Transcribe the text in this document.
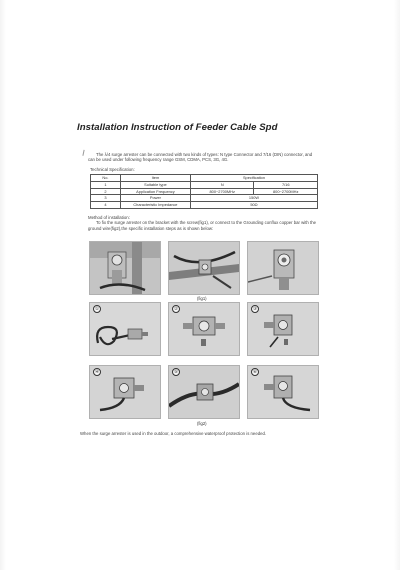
Installation Instruction of Feeder Cable Spd
The λ/4 surge arrester can be connected with two kinds of types: N type Connector and 7/16 (DIN) connector, and
can be used under following frequency range GSM, CDMA, PCS, 3G, 4G.
Technical Specification:
No.	Item	Specification	
1	Suitable type	N	7/16
2	Application Frequency	800~2700MHz	800~2700MHz
3	Power	150W	
4	Characteristic Impedance	50Ω	
Method of installation:
To fix the surge arrester on the bracket with the screw(fig1), or connect to the Grounding conflux copper bar with the
ground wire(fig2),the specific installation steps as is shown below:
(fig1)
①	②	③
④	⑤	⑥
(fig2)
When the surge arrester is used in the outdoor, a comprehensive waterproof protection is needed.
